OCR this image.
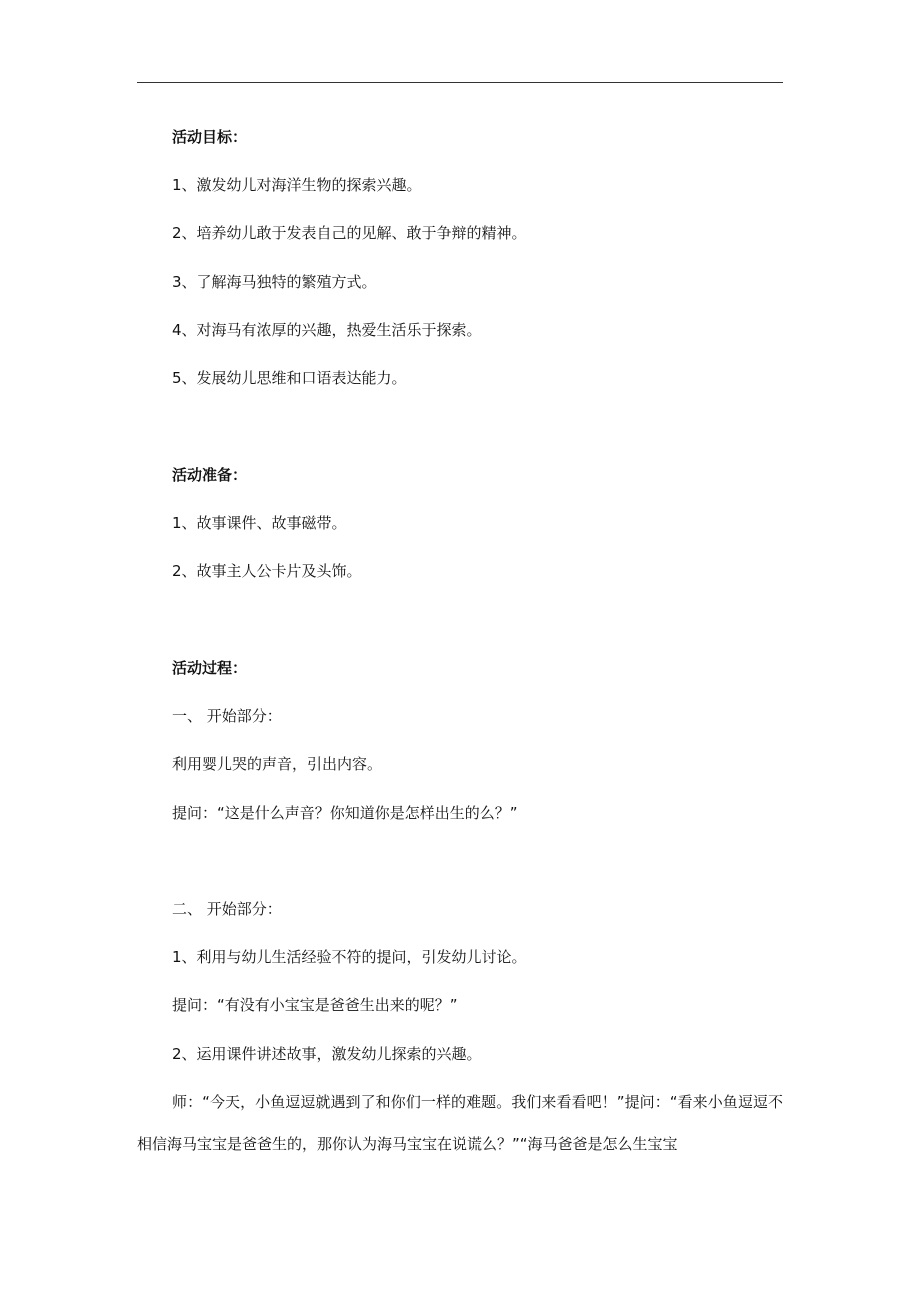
活动目标：
1、激发幼儿对海洋生物的探索兴趣。
2、培养幼儿敢于发表自己的见解、敢于争辩的精神。
3、了解海马独特的繁殖方式。
4、对海马有浓厚的兴趣，热爱生活乐于探索。
5、发展幼儿思维和口语表达能力。
活动准备：
1、故事课件、故事磁带。
2、故事主人公卡片及头饰。
活动过程：
一、 开始部分：
利用婴儿哭的声音，引出内容。
提问：“这是什么声音？你知道你是怎样出生的么？”
二、 开始部分：
1、利用与幼儿生活经验不符的提问，引发幼儿讨论。
提问：“有没有小宝宝是爸爸生出来的呢？”
2、运用课件讲述故事，激发幼儿探索的兴趣。
师：“今天，小鱼逗逗就遇到了和你们一样的难题。我们来看看吧！”提问：“看来小鱼逗逗不相信海马宝宝是爸爸生的，那你认为海马宝宝在说谎么？”“海马爸爸是怎么生宝宝
